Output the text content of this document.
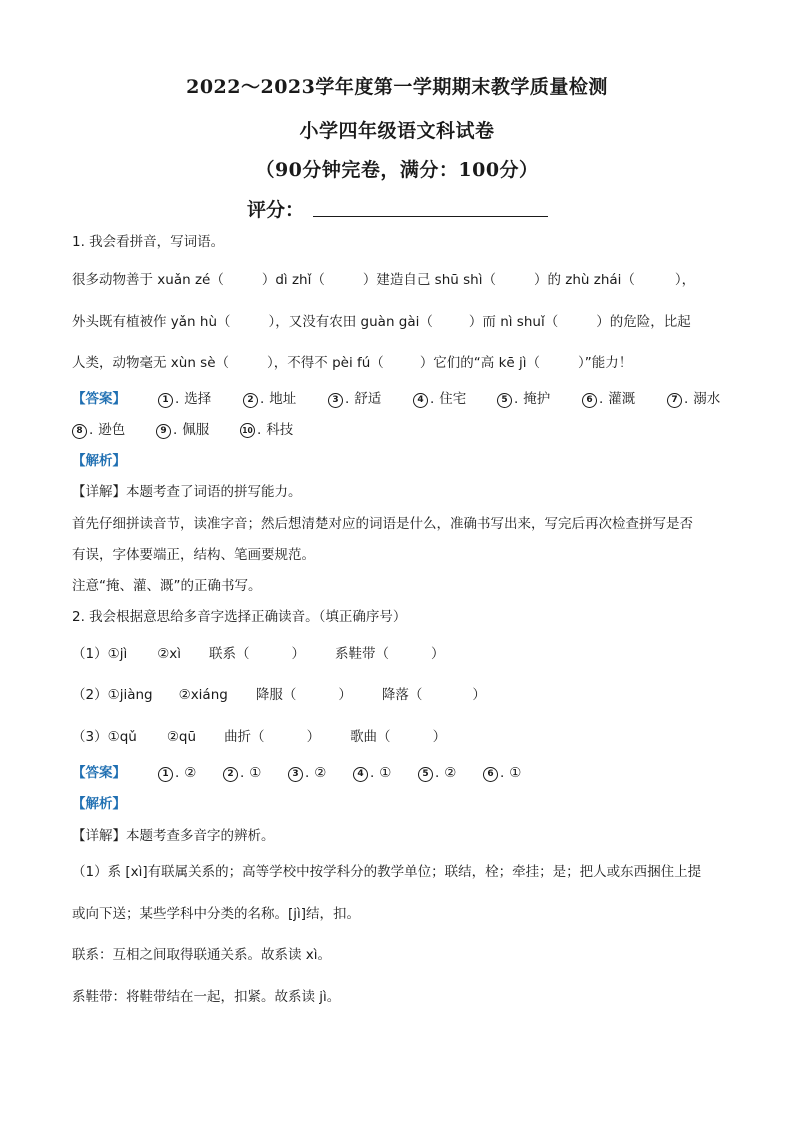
2022～2023学年度第一学期期末教学质量检测
小学四年级语文科试卷
（90分钟完卷，满分：100分）
评分：
1. 我会看拼音，写词语。
很多动物善于 xuǎn zé（	）dì zhǐ（	）建造自己 shū shì（	）的 zhù zhái（	），
外头既有植被作 yǎn hù（	），又没有农田 guàn gài（	）而 nì shuǐ（	）的危险，比起
人类，动物毫无 xùn sè（	），不得不 pèi fú（	）它们的“高 kē jì（	）”能力！
【答案】	1 . 选择	2 . 地址	3 . 舒适	4 . 住宅	5 . 掩护	6 . 灌溉	7 . 溺水
8 . 逊色	9 . 佩服	10 . 科技
【解析】
【详解】本题考查了词语的拼写能力。
首先仔细拼读音节，读准字音；然后想清楚对应的词语是什么，准确书写出来，写完后再次检查拼写是否
有误，字体要端正，结构、笔画要规范。
注意“掩、灌、溉”的正确书写。
2. 我会根据意思给多音字选择正确读音。（填正确序号）
（1）①jì ②xì 联系（	） 系鞋带（	）
（2）①jiàng ②xiáng 降服（	） 降落（	）
（3）①qǔ ②qū 曲折（	） 歌曲（	）
【答案】	1 . ②	2 . ①	3 . ②	4 . ①	5 . ②	6 . ①
【解析】
【详解】本题考查多音字的辨析。
（1）系 [xì]有联属关系的；高等学校中按学科分的教学单位；联结，栓；牵挂；是；把人或东西捆住上提
或向下送；某些学科中分类的名称。[jì]结，扣。
联系：互相之间取得联通关系。故系读 xì。
系鞋带：将鞋带结在一起，扣紧。故系读 jì。
